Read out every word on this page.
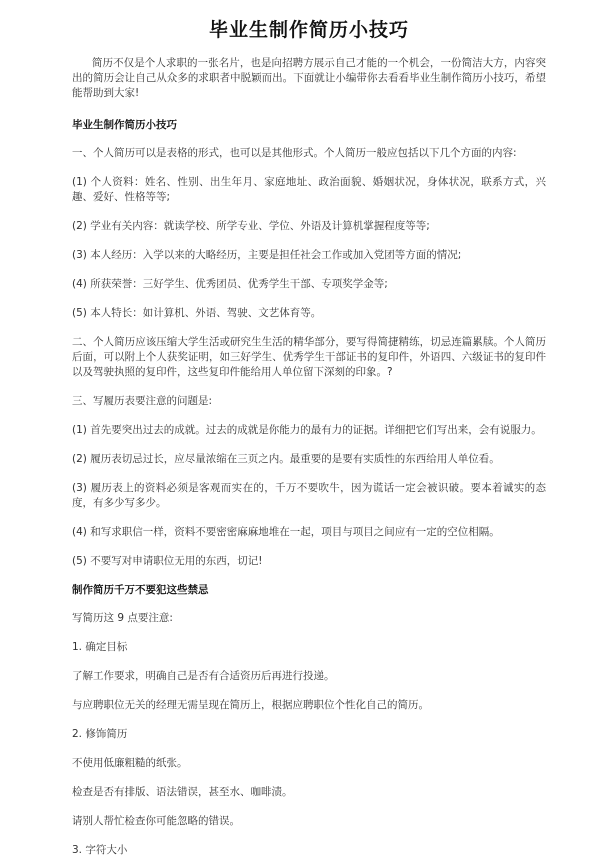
毕业生制作简历小技巧

简历不仅是个人求职的一张名片，也是向招聘方展示自己才能的一个机会，一份简洁大方，内容突出的简历会让自己从众多的求职者中脱颖而出。下面就让小编带你去看看毕业生制作简历小技巧，希望能帮助到大家!

毕业生制作简历小技巧

一、个人简历可以是表格的形式，也可以是其他形式。个人简历一般应包括以下几个方面的内容:

(1) 个人资料：姓名、性别、出生年月、家庭地址、政治面貌、婚姻状况，身体状况，联系方式，兴趣、爱好、性格等等;

(2) 学业有关内容：就读学校、所学专业、学位、外语及计算机掌握程度等等;

(3) 本人经历：入学以来的大略经历，主要是担任社会工作或加入党团等方面的情况;

(4) 所获荣誉：三好学生、优秀团员、优秀学生干部、专项奖学金等;

(5) 本人特长：如计算机、外语、驾驶、文艺体育等。

二、个人简历应该压缩大学生活或研究生生活的精华部分，要写得简捷精练，切忌连篇累牍。个人简历后面，可以附上个人获奖证明，如三好学生、优秀学生干部证书的复印件，外语四、六级证书的复印件以及驾驶执照的复印件，这些复印件能给用人单位留下深刻的印象。?

三、写履历表要注意的问题是:

(1) 首先要突出过去的成就。过去的成就是你能力的最有力的证据。详细把它们写出来，会有说服力。

(2) 履历表切忌过长，应尽量浓缩在三页之内。最重要的是要有实质性的东西给用人单位看。

(3) 履历表上的资料必须是客观而实在的，千万不要吹牛，因为谎话一定会被识破。要本着诚实的态度，有多少写多少。

(4) 和写求职信一样，资料不要密密麻麻地堆在一起，项目与项目之间应有一定的空位相隔。

(5) 不要写对申请职位无用的东西，切记!

制作简历千万不要犯这些禁忌

写简历这 9 点要注意:

1. 确定目标

了解工作要求，明确自己是否有合适资历后再进行投递。

与应聘职位无关的经理无需呈现在简历上，根据应聘职位个性化自己的简历。

2. 修饰简历

不使用低廉粗糙的纸张。

检查是否有排版、语法错误，甚至水、咖啡渍。

请别人帮忙检查你可能忽略的错误。

3. 字符大小
